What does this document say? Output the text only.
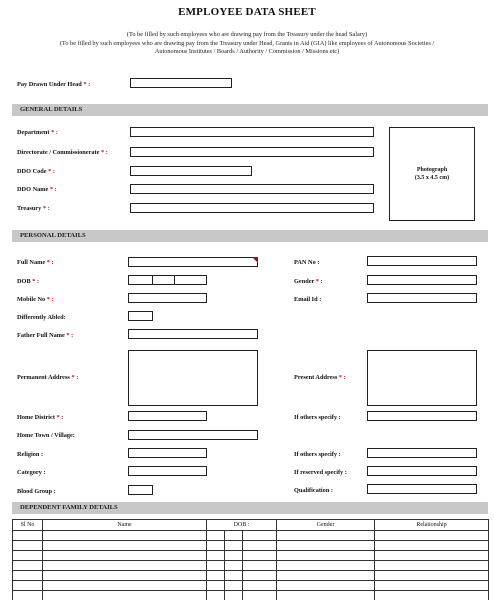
EMPLOYEE DATA SHEET
(To be filled by such employees who are drawing pay from the Treasury under the head Salary)
(To be filled by such employees who are drawing pay from the Treasury under Head, Grants in Aid (GIA) like employees of Autonomous Societies /
Autonomous Institutes / Boards / Authority / Commission / Missions etc)
Pay Drawn Under Head * :
GENERAL DETAILS
Department * :
Directorate / Commissionerate * :
DDO Code * :
DDO Name * :
Treasury * :
Photograph
(3.5 x 4.5 cm)
PERSONAL DETAILS
Full Name * :
DOB * :
Mobile No * :
Differently Abled:
Father Full Name * :
Permanent Address * :
Home District * :
Home Town / Village:
Religion :
Category :
Blood Group :
PAN No :
Gender * :
Email Id :
Present Address * :
If others specify :
If others specify :
If reserved specify :
Qualification :
DEPENDENT FAMILY DETAILS
Sl No	Name	DOB :			Gender	Relationship
